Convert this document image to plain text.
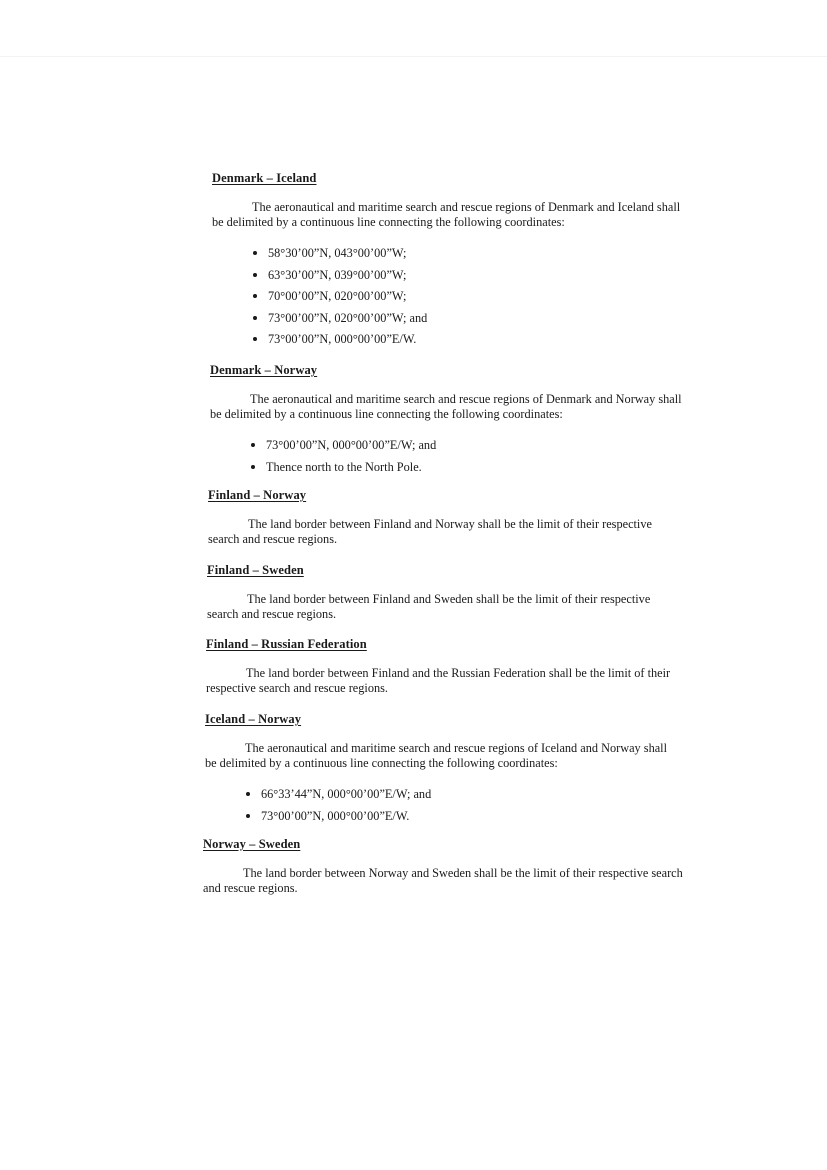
Denmark – Iceland

The aeronautical and maritime search and rescue regions of Denmark and Iceland shall be delimited by a continuous line connecting the following coordinates:

58°30’00”N, 043°00’00”W;
63°30’00”N, 039°00’00”W;
70°00’00”N, 020°00’00”W;
73°00’00”N, 020°00’00”W; and
73°00’00”N, 000°00’00”E/W.

Denmark – Norway

The aeronautical and maritime search and rescue regions of Denmark and Norway shall be delimited by a continuous line connecting the following coordinates:

73°00’00”N, 000°00’00”E/W; and
Thence north to the North Pole.

Finland – Norway

The land border between Finland and Norway shall be the limit of their respective search and rescue regions.

Finland – Sweden

The land border between Finland and Sweden shall be the limit of their respective search and rescue regions.

Finland – Russian Federation

The land border between Finland and the Russian Federation shall be the limit of their respective search and rescue regions.

Iceland – Norway

The aeronautical and maritime search and rescue regions of Iceland and Norway shall be delimited by a continuous line connecting the following coordinates:

66°33’44”N, 000°00’00”E/W; and
73°00’00”N, 000°00’00”E/W.

Norway – Sweden

The land border between Norway and Sweden shall be the limit of their respective search and rescue regions.
